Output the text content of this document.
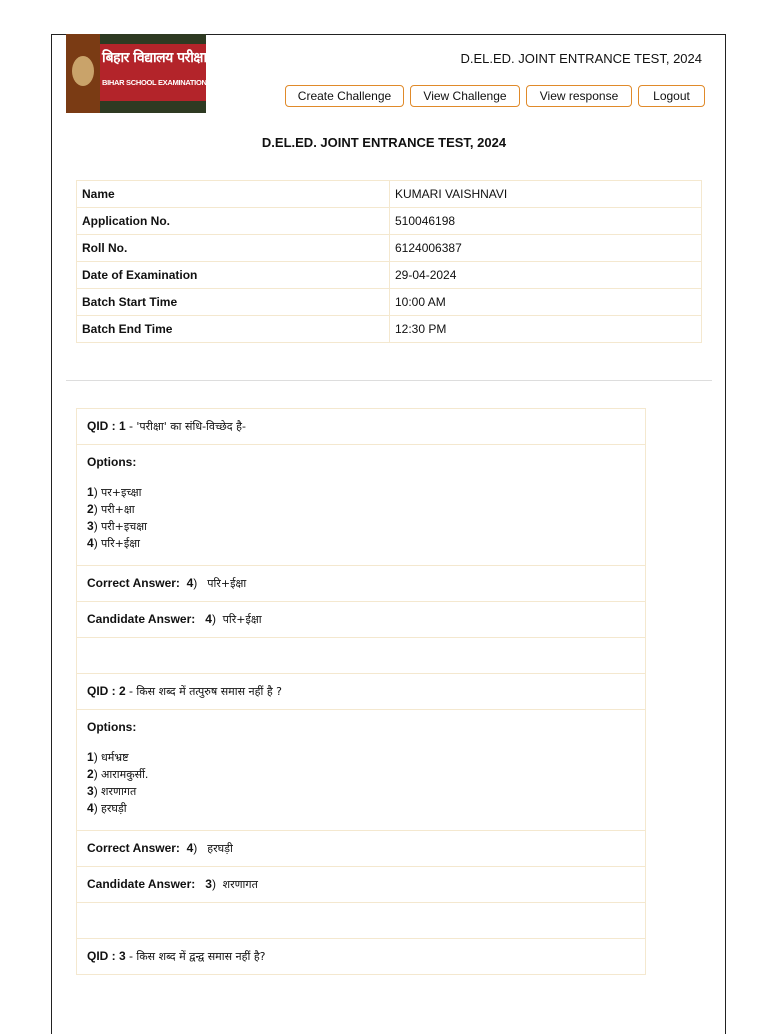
बिहार विद्यालय परीक्षा समिति
BIHAR SCHOOL EXAMINATION BOARD
D.EL.ED. JOINT ENTRANCE TEST, 2024
Create Challenge	View Challenge	View response	Logout
D.EL.ED. JOINT ENTRANCE TEST, 2024
Name	KUMARI VAISHNAVI
Application No.	510046198
Roll No.	6124006387
Date of Examination	29-04-2024
Batch Start Time	10:00 AM
Batch End Time	12:30 PM
QID : 1 - 'परीक्षा' का संधि-विच्छेद है-
Options:
1) पर+इच्क्षा
2) परी+क्षा
3) परी+इचक्षा
4) परि+ईक्षा
Correct Answer: 4)   परि+ईक्षा
Candidate Answer: 4)  परि+ईक्षा
QID : 2 - किस शब्द में तत्पुरुष समास नहीं है ?
Options:
1) धर्मभ्रष्ट
2) आरामकुर्सी.
3) शरणागत
4) हरघड़ी
Correct Answer: 4)   हरघड़ी
Candidate Answer: 3)  शरणागत
QID : 3 - किस शब्द में द्वन्द्व समास नहीं है?
